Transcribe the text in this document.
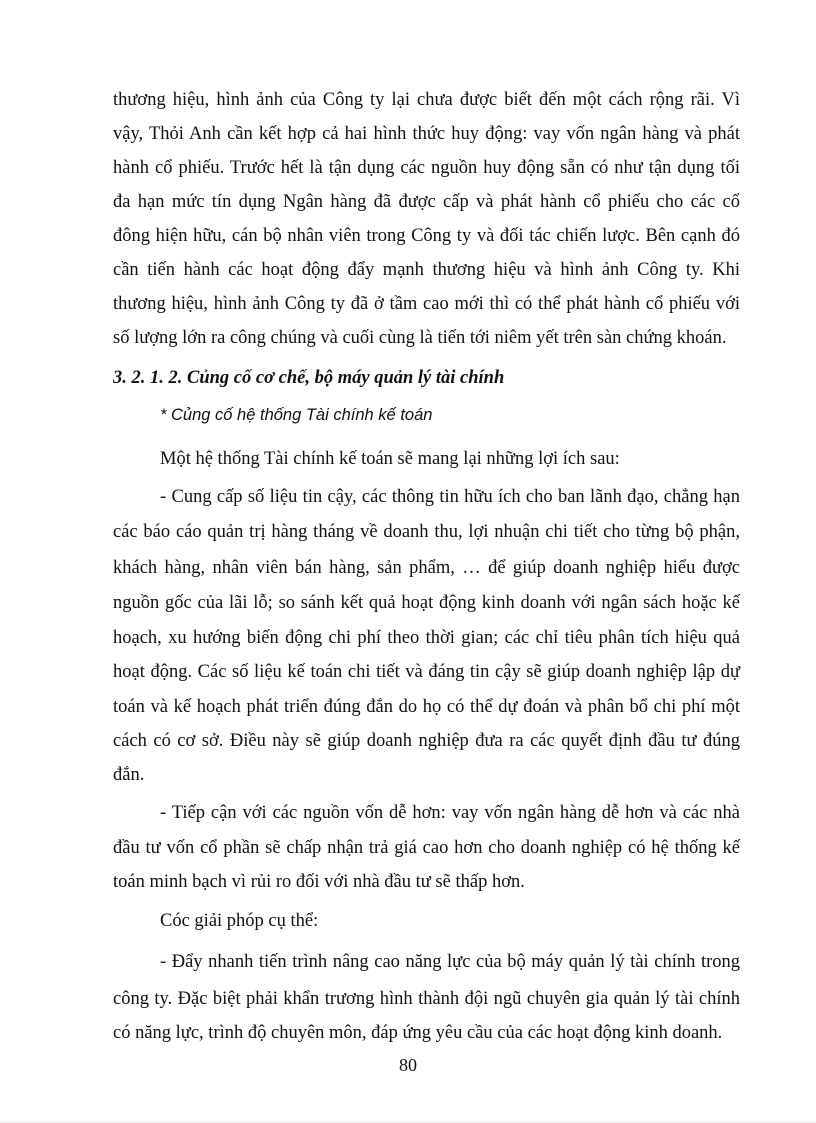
thương hiệu, hình ảnh của Công ty lại chưa được biết đến một cách rộng rãi. Vì
vậy, Thỏi Anh cần kết hợp cả hai hình thức huy động: vay vốn ngân hàng và phát
hành cổ phiếu. Trước hết là tận dụng các nguồn huy động sẵn có như tận dụng tối
đa hạn mức tín dụng Ngân hàng đã được cấp và phát hành cổ phiếu cho các cổ
đông hiện hữu, cán bộ nhân viên trong Công ty và đối tác chiến lược. Bên cạnh đó
cần tiến hành các hoạt động đẩy mạnh thương hiệu và hình ảnh Công ty. Khi
thương hiệu, hình ảnh Công ty đã ở tầm cao mới thì có thể phát hành cổ phiếu với
số lượng lớn ra công chúng và cuối cùng là tiến tới niêm yết trên sàn chứng khoán.
3. 2. 1. 2. Củng cố cơ chế, bộ máy quản lý tài chính
* Củng cố hệ thống Tài chính kế toán
Một hệ thống Tài chính kế toán sẽ mang lại những lợi ích sau:
- Cung cấp số liệu tin cậy, các thông tin hữu ích cho ban lãnh đạo, chẳng hạn
các báo cáo quản trị hàng tháng về doanh thu, lợi nhuận chi tiết cho từng bộ phận,
khách hàng, nhân viên bán hàng, sản phẩm, … để giúp doanh nghiệp hiểu được
nguồn gốc của lãi lỗ; so sánh kết quả hoạt động kinh doanh với ngân sách hoặc kế
hoạch, xu hướng biến động chi phí theo thời gian; các chỉ tiêu phân tích hiệu quả
hoạt động. Các số liệu kế toán chi tiết và đáng tin cậy sẽ giúp doanh nghiệp lập dự
toán và kế hoạch phát triển đúng đắn do họ có thể dự đoán và phân bổ chi phí một
cách có cơ sở. Điều này sẽ giúp doanh nghiệp đưa ra các quyết định đầu tư đúng
đắn.
- Tiếp cận với các nguồn vốn dễ hơn: vay vốn ngân hàng dễ hơn và các nhà
đầu tư vốn cổ phần sẽ chấp nhận trả giá cao hơn cho doanh nghiệp có hệ thống kế
toán minh bạch vì rủi ro đối với nhà đầu tư sẽ thấp hơn.
Cóc giải phóp cụ thể:
- Đẩy nhanh tiến trình nâng cao năng lực của bộ máy quản lý tài chính trong
công ty. Đặc biệt phải khẩn trương hình thành đội ngũ chuyên gia quản lý tài chính
có năng lực, trình độ chuyên môn, đáp ứng yêu cầu của các hoạt động kinh doanh.
80
